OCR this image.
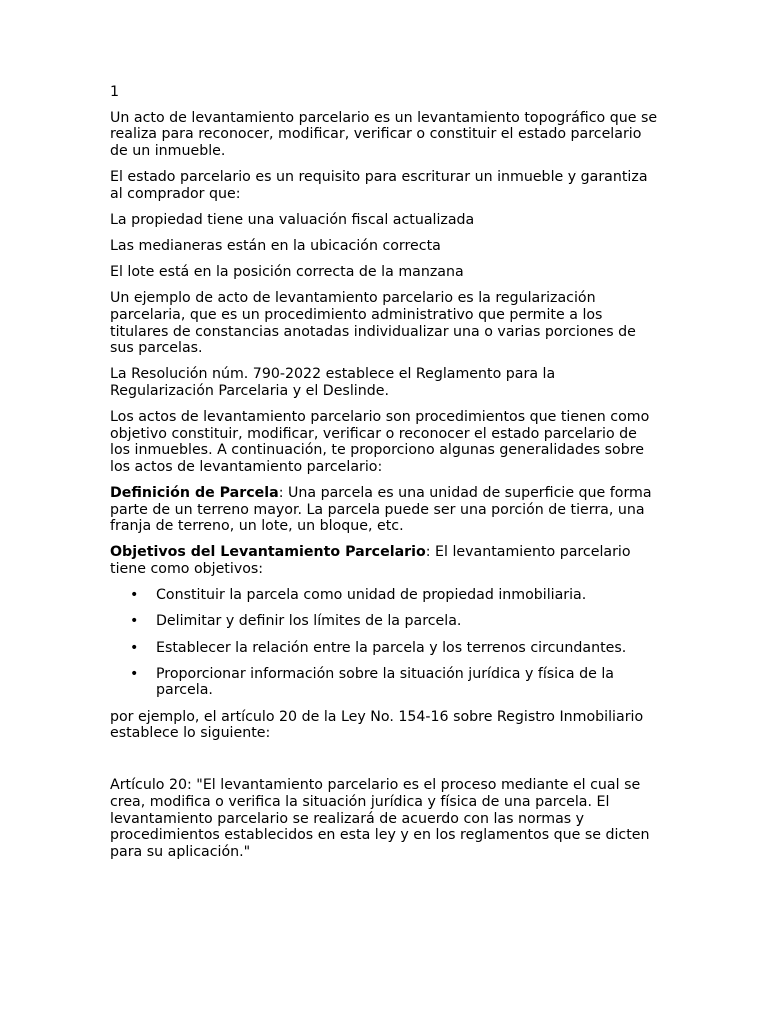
1

Un acto de levantamiento parcelario es un levantamiento topográfico que se realiza para reconocer, modificar, verificar o constituir el estado parcelario de un inmueble.

El estado parcelario es un requisito para escriturar un inmueble y garantiza al comprador que:

La propiedad tiene una valuación fiscal actualizada

Las medianeras están en la ubicación correcta

El lote está en la posición correcta de la manzana

Un ejemplo de acto de levantamiento parcelario es la regularización parcelaria, que es un procedimiento administrativo que permite a los titulares de constancias anotadas individualizar una o varias porciones de sus parcelas.

La Resolución núm. 790-2022 establece el Reglamento para la Regularización Parcelaria y el Deslinde.

Los actos de levantamiento parcelario son procedimientos que tienen como objetivo constituir, modificar, verificar o reconocer el estado parcelario de los inmuebles. A continuación, te proporciono algunas generalidades sobre los actos de levantamiento parcelario:

Definición de Parcela: Una parcela es una unidad de superficie que forma parte de un terreno mayor. La parcela puede ser una porción de tierra, una franja de terreno, un lote, un bloque, etc.

Objetivos del Levantamiento Parcelario: El levantamiento parcelario tiene como objetivos:

• Constituir la parcela como unidad de propiedad inmobiliaria.
• Delimitar y definir los límites de la parcela.
• Establecer la relación entre la parcela y los terrenos circundantes.
• Proporcionar información sobre la situación jurídica y física de la parcela.

por ejemplo, el artículo 20 de la Ley No. 154-16 sobre Registro Inmobiliario establece lo siguiente:

Artículo 20: "El levantamiento parcelario es el proceso mediante el cual se crea, modifica o verifica la situación jurídica y física de una parcela. El levantamiento parcelario se realizará de acuerdo con las normas y procedimientos establecidos en esta ley y en los reglamentos que se dicten para su aplicación."
